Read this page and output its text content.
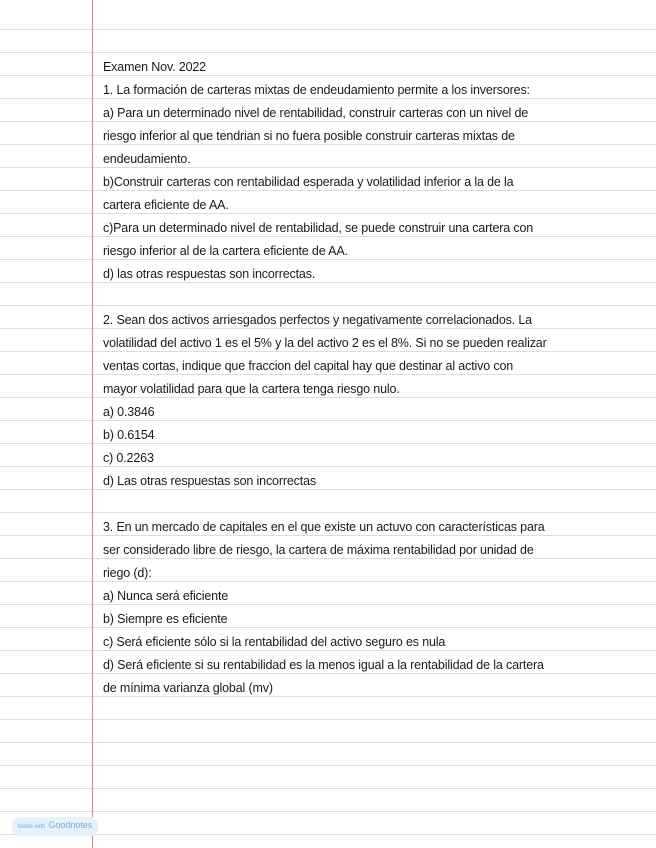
Examen Nov. 2022
1. La formación de carteras mixtas de endeudamiento permite a los inversores:
a) Para un determinado nivel de rentabilidad, construir carteras con un nivel de
riesgo inferior al que tendrian si no fuera posible construir carteras mixtas de
endeudamiento.
b)Construir carteras con rentabilidad esperada y volatilidad inferior a la de la
cartera eficiente de AA.
c)Para un determinado nivel de rentabilidad, se puede construir una cartera con
riesgo inferior al de la cartera eficiente de AA.
d) las otras respuestas son incorrectas.
2. Sean dos activos arriesgados perfectos y negativamente correlacionados. La
volatilidad del activo 1 es el 5% y la del activo 2 es el 8%. Si no se pueden realizar
ventas cortas, indique que fraccion del capital hay que destinar al activo con
mayor volatilidad para que la cartera tenga riesgo nulo.
a) 0.3846
b) 0.6154
c) 0.2263
d) Las otras respuestas son incorrectas
3. En un mercado de capitales en el que existe un actuvo con características para
ser considerado libre de riesgo, la cartera de máxima rentabilidad por unidad de
riego (d):
a) Nunca será eficiente
b) Siempre es eficiente
c) Será eficiente sólo si la rentabilidad del activo seguro es nula
d) Será eficiente si su rentabilidad es la menos igual a la rentabilidad de la cartera
de mínima varianza global (mv)
Made with Goodnotes
